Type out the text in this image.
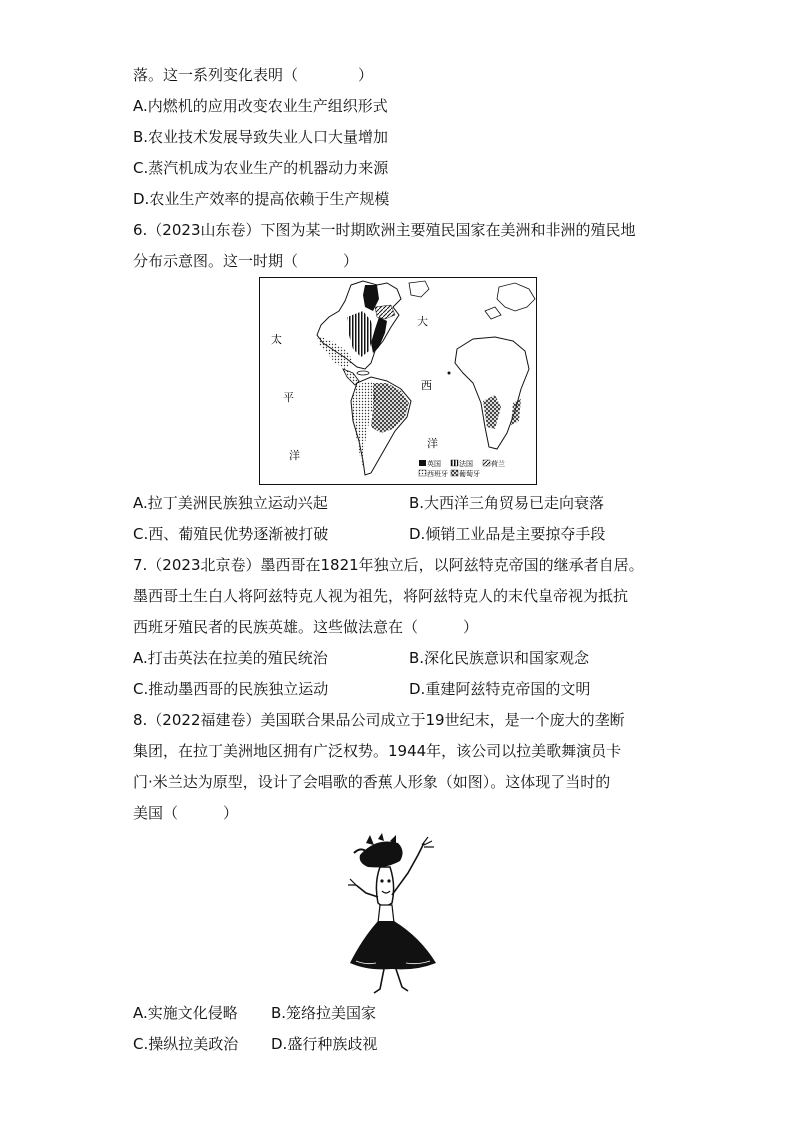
落。这一系列变化表明（　　　　）
A.内燃机的应用改变农业生产组织形式
B.农业技术发展导致失业人口大量增加
C.蒸汽机成为农业生产的机器动力来源
D.农业生产效率的提高依赖于生产规模
6.（2023山东卷）下图为某一时期欧洲主要殖民国家在美洲和非洲的殖民地
分布示意图。这一时期（　　　）
太
平
洋
大
西
洋
英国	法国	荷兰
西班牙 葡萄牙
A.拉丁美洲民族独立运动兴起	B.大西洋三角贸易已走向衰落
C.西、葡殖民优势逐渐被打破	D.倾销工业品是主要掠夺手段
7.（2023北京卷）墨西哥在1821年独立后，以阿兹特克帝国的继承者自居。
墨西哥土生白人将阿兹特克人视为祖先，将阿兹特克人的末代皇帝视为抵抗
西班牙殖民者的民族英雄。这些做法意在（　　　）
A.打击英法在拉美的殖民统治	B.深化民族意识和国家观念
C.推动墨西哥的民族独立运动	D.重建阿兹特克帝国的文明
8.（2022福建卷）美国联合果品公司成立于19世纪末，是一个庞大的垄断
集团，在拉丁美洲地区拥有广泛权势。1944年，该公司以拉美歌舞演员卡
门·米兰达为原型，设计了会唱歌的香蕉人形象（如图）。这体现了当时的
美国（　　　）
A.实施文化侵略 B.笼络拉美国家
C.操纵拉美政治 D.盛行种族歧视
